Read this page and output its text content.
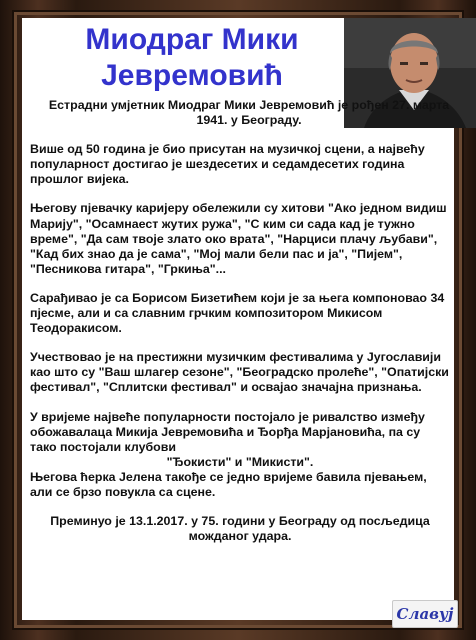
Миодраг Мики
Јевремовић

Естрадни умјетник Миодраг Мики Јевремовић је рођен 27. марта 1941. у Београду.

Више од 50 година је био присутан на музичкој сцени, а највећу популарност достигао је шездесетих и седамдесетих година прошлог вијека.

Његову пјевачку каријеру обележили су хитови "Ако једном видиш Марију", "Осамнаест жутих ружа", "С ким си сада кад је тужно време", "Да сам твоје злато око врата", "Нарциси плачу љубави", "Кад бих знао да је сама", "Мој мали бели пас и ја", "Пијем", "Песникова гитара", "Гркиња"...

Сарађивао је са Борисом Бизетићем који је за њега компоновао 34 пјесме, али и са славним грчким композитором Микисом Теодоракисом.

Учествовао је на престижни музичким фестивалима у Југославији као што су "Ваш шлагер сезоне", "Београдско пролеће", "Опатијски фестивал", "Сплитски фестивал" и освајао значајна признања.

У вријеме највеће популарности постојало је ривалство између обожавалаца Микија Јевремовића и Ђорђа Марјановића, па су тако постојали клубови

"Ђокисти" и "Микисти".

Његова ћерка Јелена такође се једно вријеме бавила пјевањем, али се брзо повукла са сцене.

Преминуо је 13.1.2017. у 75. години у Београду од посљедица можданог удара.

Славуј
